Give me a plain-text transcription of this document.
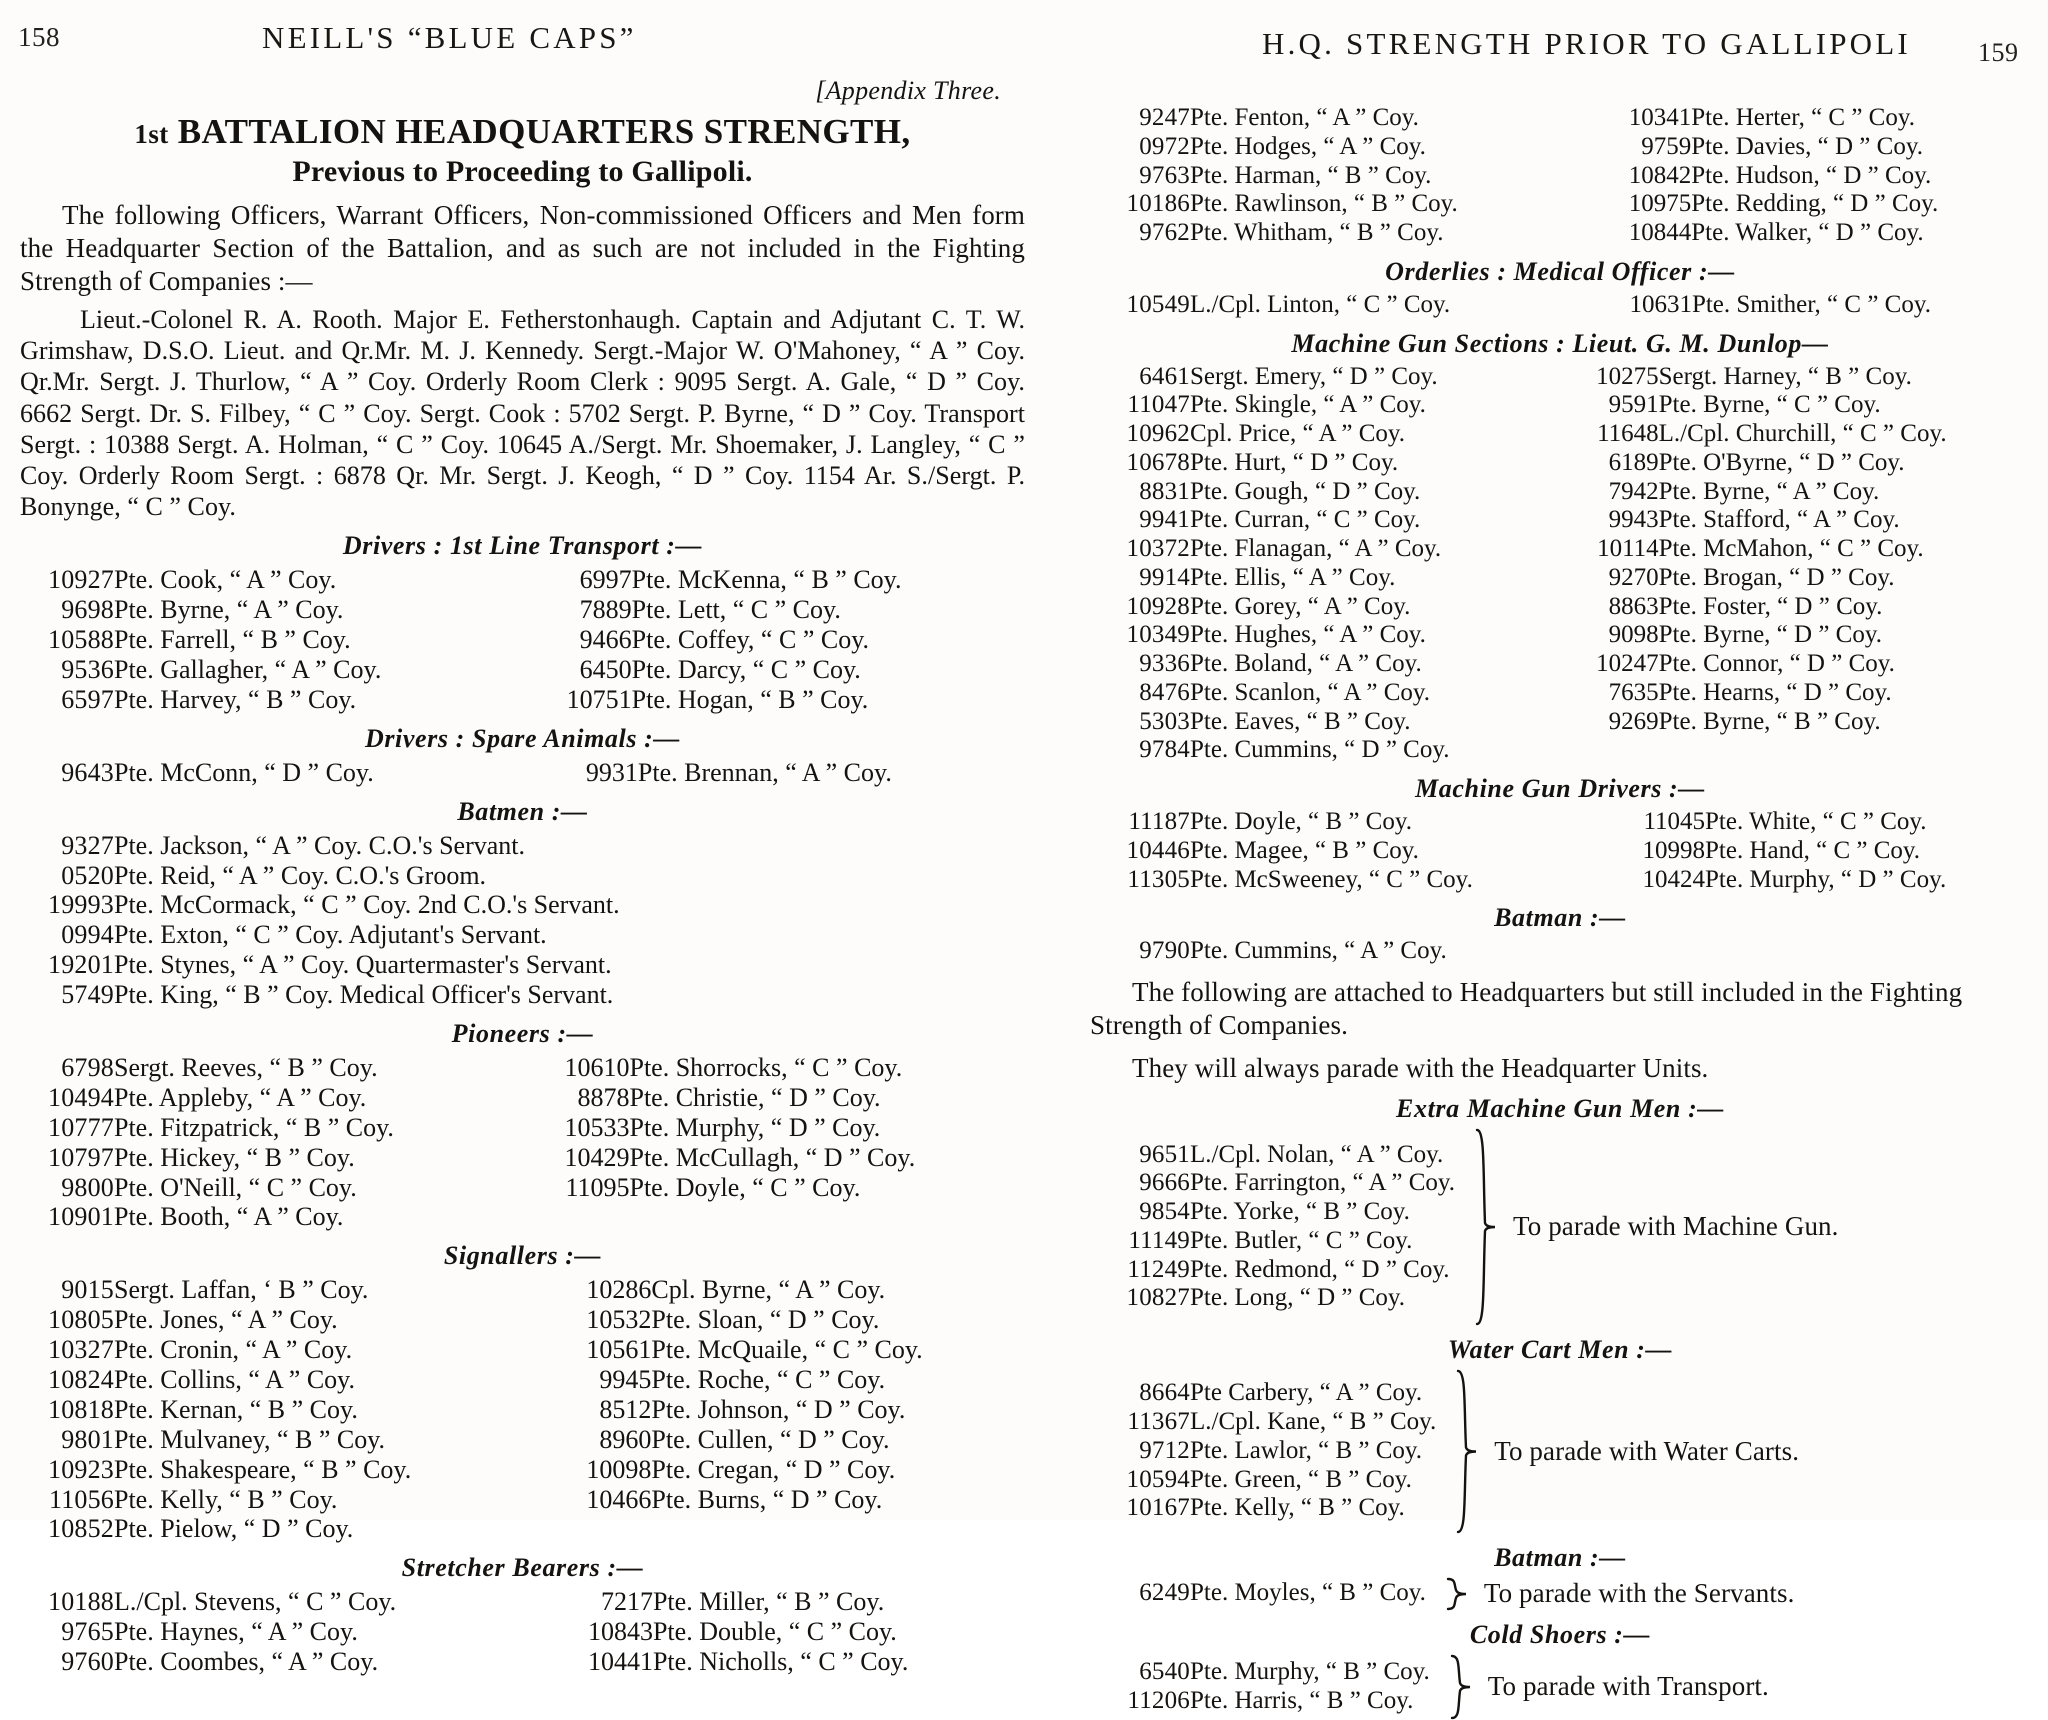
158	NEILL'S “BLUE CAPS”	H.Q. STRENGTH PRIOR TO GALLIPOLI	159
[Appendix Three.
1st BATTALION HEADQUARTERS STRENGTH,
Previous to Proceeding to Gallipoli.

The following Officers, Warrant Officers, Non-commissioned Officers and Men form the Headquarter Section of the Battalion, and as such are not included in the Fighting Strength of Companies :—

Lieut.-Colonel R. A. Rooth. Major E. Fetherstonhaugh. Captain and Adjutant C. T. W. Grimshaw, D.S.O. Lieut. and Qr.Mr. M. J. Kennedy. Sergt.-Major W. O'Mahoney, “ A ” Coy. Qr.Mr. Sergt. J. Thurlow, “ A ” Coy. Orderly Room Clerk : 9095 Sergt. A. Gale, “ D ” Coy. 6662 Sergt. Dr. S. Filbey, “ C ” Coy. Sergt. Cook : 5702 Sergt. P. Byrne, “ D ” Coy. Transport Sergt. : 10388 Sergt. A. Holman, “ C ” Coy. 10645 A./Sergt. Mr. Shoemaker, J. Langley, “ C ” Coy. Orderly Room Sergt. : 6878 Qr. Mr. Sergt. J. Keogh, “ D ” Coy. 1154 Ar. S./Sergt. P. Bonynge, “ C ” Coy.

Drivers : 1st Line Transport :—
10927	Pte. Cook, “ A ” Coy.		6997	Pte. McKenna, “ B ” Coy.
9698	Pte. Byrne, “ A ” Coy.		7889	Pte. Lett, “ C ” Coy.
10588	Pte. Farrell, “ B ” Coy.		9466	Pte. Coffey, “ C ” Coy.
9536	Pte. Gallagher, “ A ” Coy.		6450	Pte. Darcy, “ C ” Coy.
6597	Pte. Harvey, “ B ” Coy.		10751	Pte. Hogan, “ B ” Coy.
Drivers : Spare Animals :—
9643	Pte. McConn, “ D ” Coy.		9931	Pte. Brennan, “ A ” Coy.
Batmen :—
9327	Pte. Jackson, “ A ” Coy. C.O.'s Servant.
0520	Pte. Reid, “ A ” Coy. C.O.'s Groom.
19993	Pte. McCormack, “ C ” Coy. 2nd C.O.'s Servant.
0994	Pte. Exton, “ C ” Coy. Adjutant's Servant.
19201	Pte. Stynes, “ A ” Coy. Quartermaster's Servant.
5749	Pte. King, “ B ” Coy. Medical Officer's Servant.
Pioneers :—
6798	Sergt. Reeves, “ B ” Coy.		10610	Pte. Shorrocks, “ C ” Coy.
10494	Pte. Appleby, “ A ” Coy.		8878	Pte. Christie, “ D ” Coy.
10777	Pte. Fitzpatrick, “ B ” Coy.		10533	Pte. Murphy, “ D ” Coy.
10797	Pte. Hickey, “ B ” Coy.		10429	Pte. McCullagh, “ D ” Coy.
9800	Pte. O'Neill, “ C ” Coy.		11095	Pte. Doyle, “ C ” Coy.
10901	Pte. Booth, “ A ” Coy.			
Signallers :—
9015	Sergt. Laffan, ‘ B ” Coy.		10286	Cpl. Byrne, “ A ” Coy.
10805	Pte. Jones, “ A ” Coy.		10532	Pte. Sloan, “ D ” Coy.
10327	Pte. Cronin, “ A ” Coy.		10561	Pte. McQuaile, “ C ” Coy.
10824	Pte. Collins, “ A ” Coy.		9945	Pte. Roche, “ C ” Coy.
10818	Pte. Kernan, “ B ” Coy.		8512	Pte. Johnson, “ D ” Coy.
9801	Pte. Mulvaney, “ B ” Coy.		8960	Pte. Cullen, “ D ” Coy.
10923	Pte. Shakespeare, “ B ” Coy.		10098	Pte. Cregan, “ D ” Coy.
11056	Pte. Kelly, “ B ” Coy.		10466	Pte. Burns, “ D ” Coy.
10852	Pte. Pielow, “ D ” Coy.			
Stretcher Bearers :—
10188	L./Cpl. Stevens, “ C ” Coy.		7217	Pte. Miller, “ B ” Coy.
9765	Pte. Haynes, “ A ” Coy.		10843	Pte. Double, “ C ” Coy.
9760	Pte. Coombes, “ A ” Coy.		10441	Pte. Nicholls, “ C ” Coy.
9247	Pte. Fenton, “ A ” Coy.		10341	Pte. Herter, “ C ” Coy.
0972	Pte. Hodges, “ A ” Coy.		9759	Pte. Davies, “ D ” Coy.
9763	Pte. Harman, “ B ” Coy.		10842	Pte. Hudson, “ D ” Coy.
10186	Pte. Rawlinson, “ B ” Coy.		10975	Pte. Redding, “ D ” Coy.
9762	Pte. Whitham, “ B ” Coy.		10844	Pte. Walker, “ D ” Coy.
Orderlies : Medical Officer :—
10549	L./Cpl. Linton, “ C ” Coy.		10631	Pte. Smither, “ C ” Coy.
Machine Gun Sections : Lieut. G. M. Dunlop—
6461	Sergt. Emery, “ D ” Coy.		10275	Sergt. Harney, “ B ” Coy.
11047	Pte. Skingle, “ A ” Coy.		9591	Pte. Byrne, “ C ” Coy.
10962	Cpl. Price, “ A ” Coy.		11648	L./Cpl. Churchill, “ C ” Coy.
10678	Pte. Hurt, “ D ” Coy.		6189	Pte. O'Byrne, “ D ” Coy.
8831	Pte. Gough, “ D ” Coy.		7942	Pte. Byrne, “ A ” Coy.
9941	Pte. Curran, “ C ” Coy.		9943	Pte. Stafford, “ A ” Coy.
10372	Pte. Flanagan, “ A ” Coy.		10114	Pte. McMahon, “ C ” Coy.
9914	Pte. Ellis, “ A ” Coy.		9270	Pte. Brogan, “ D ” Coy.
10928	Pte. Gorey, “ A ” Coy.		8863	Pte. Foster, “ D ” Coy.
10349	Pte. Hughes, “ A ” Coy.		9098	Pte. Byrne, “ D ” Coy.
9336	Pte. Boland, “ A ” Coy.		10247	Pte. Connor, “ D ” Coy.
8476	Pte. Scanlon, “ A ” Coy.		7635	Pte. Hearns, “ D ” Coy.
5303	Pte. Eaves, “ B ” Coy.		9269	Pte. Byrne, “ B ” Coy.
9784	Pte. Cummins, “ D ” Coy.			
Machine Gun Drivers :—
11187	Pte. Doyle, “ B ” Coy.		11045	Pte. White, “ C ” Coy.
10446	Pte. Magee, “ B ” Coy.		10998	Pte. Hand, “ C ” Coy.
11305	Pte. McSweeney, “ C ” Coy.		10424	Pte. Murphy, “ D ” Coy.
Batman :—
9790	Pte. Cummins, “ A ” Coy.			

The following are attached to Headquarters but still included in the Fighting Strength of Companies.

They will always parade with the Headquarter Units.

Extra Machine Gun Men :—
9651	L./Cpl. Nolan, “ A ” Coy.
9666	Pte. Farrington, “ A ” Coy.
9854	Pte. Yorke, “ B ” Coy.
11149	Pte. Butler, “ C ” Coy.
11249	Pte. Redmond, “ D ” Coy.
10827	Pte. Long, “ D ” Coy.
To parade with Machine Gun.
Water Cart Men :—
8664	Pte Carbery, “ A ” Coy.
11367	L./Cpl. Kane, “ B ” Coy.
9712	Pte. Lawlor, “ B ” Coy.
10594	Pte. Green, “ B ” Coy.
10167	Pte. Kelly, “ B ” Coy.
To parade with Water Carts.
Batman :—
6249	Pte. Moyles, “ B ” Coy. To parade with the Servants.
Cold Shoers :—
6540	Pte. Murphy, “ B ” Coy.
11206	Pte. Harris, “ B ” Coy.	To parade with Transport.
